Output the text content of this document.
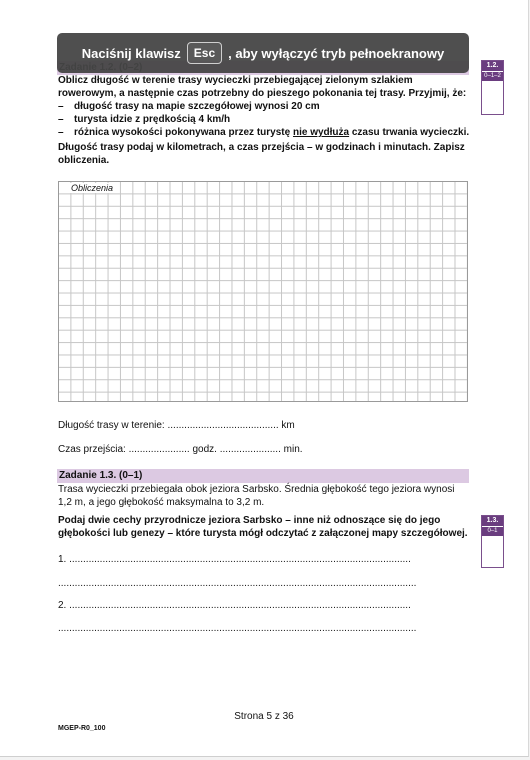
Oblicz długość w terenie trasy wycieczki przebiegającej zielonym szlakiem rowerowym, a następnie czas potrzebny do pieszego pokonania tej trasy. Przyjmij, że:
– długość trasy na mapie szczegółowej wynosi 20 cm
– turysta idzie z prędkością 4 km/h
– różnica wysokości pokonywana przez turystę nie wydłuża czasu trwania wycieczki.
Długość trasy podaj w kilometrach, a czas przejścia – w godzinach i minutach. Zapisz obliczenia.
Obliczenia
Długość trasy w terenie: ........................................ km
Czas przejścia: ...................... godz. ...................... min.
1.2.
0–1–2
Zadanie 1.3. (0–1)
Trasa wycieczki przebiegała obok jeziora Sarbsko. Średnia głębokość tego jeziora wynosi 1,2 m, a jego głębokość maksymalna to 3,2 m.
Podaj dwie cechy przyrodnicze jeziora Sarbsko – inne niż odnoszące się do jego głębokości lub genezy – które turysta mógł odczytać z załączonej mapy szczegółowej.
1. ...........................................................................................................................
.................................................................................................................................
2. ...........................................................................................................................
.................................................................................................................................
1.3.
0–1
Strona 5 z 36
MGEP-R0_100
Naciśnij klawisz	Esc	, aby wyłączyć tryb pełnoekranowy
